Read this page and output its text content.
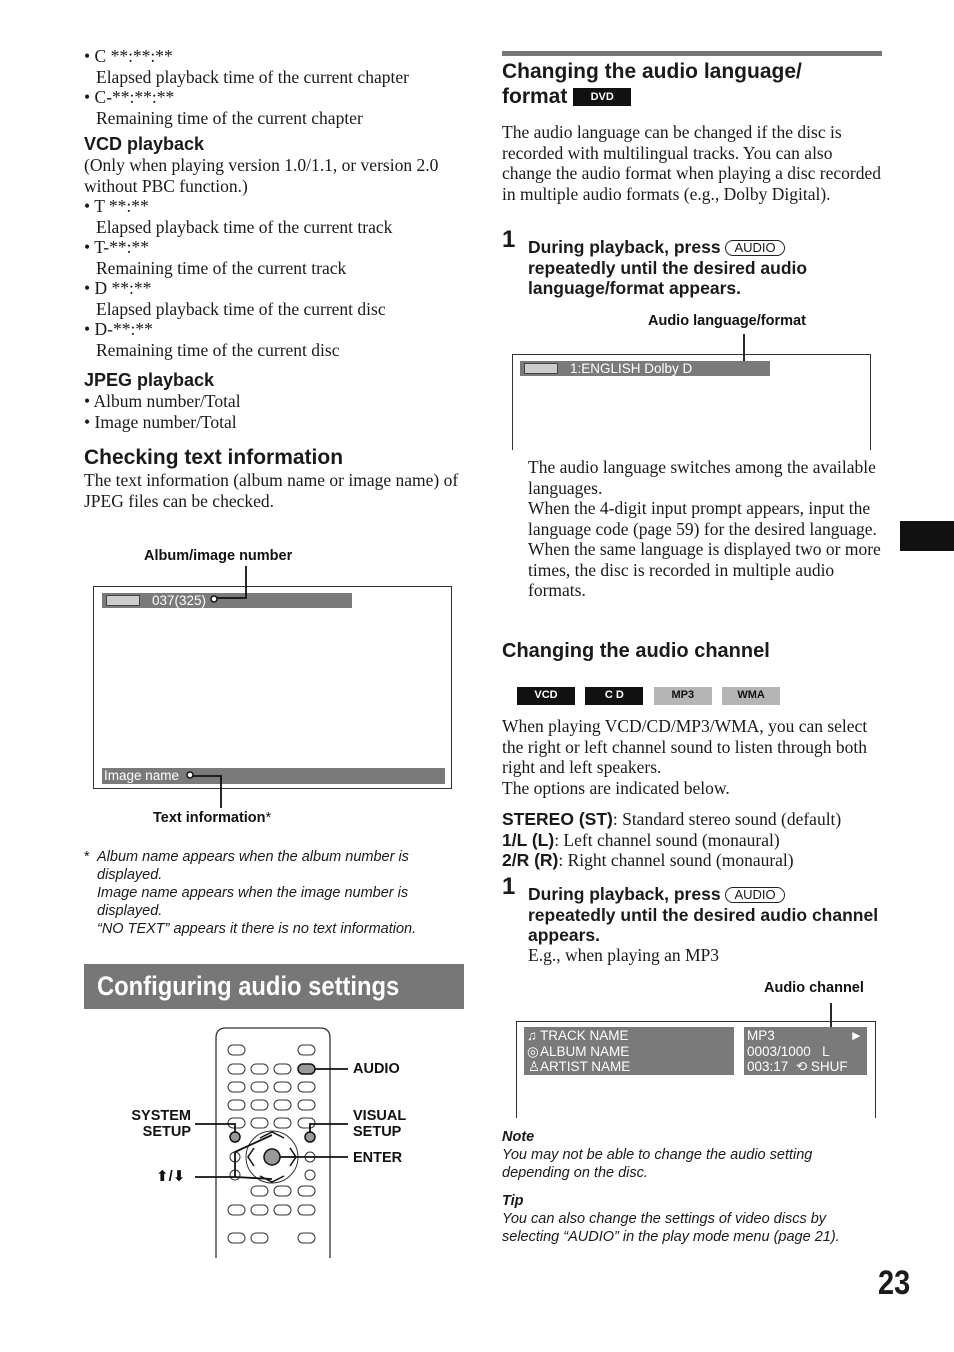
• C **:**:**
Elapsed playback time of the current chapter
• C-**:**:**
Remaining time of the current chapter
VCD playback
(Only when playing version 1.0/1.1, or version 2.0 without PBC function.)
• T **:**
Elapsed playback time of the current track
• T-**:**
Remaining time of the current track
• D **:**
Elapsed playback time of the current disc
• D-**:**
Remaining time of the current disc
JPEG playback
• Album number/Total
• Image number/Total
Checking text information
The text information (album name or image name) of JPEG files can be checked.
Album/image number
037(325)
Image name
Text information*
* Album name appears when the album number is displayed.
Image name appears when the image number is displayed.
“NO TEXT” appears it there is no text information.
Configuring audio settings
AUDIO
SYSTEM
SETUP
VISUAL
SETUP
ENTER
⬆/⬇
Changing the audio language/
format DVD
The audio language can be changed if the disc is recorded with multilingual tracks. You can also change the audio format when playing a disc recorded in multiple audio formats (e.g., Dolby Digital).
1 During playback, press AUDIO
repeatedly until the desired audio language/format appears.
Audio language/format
1:ENGLISH Dolby D
The audio language switches among the available languages.
When the 4-digit input prompt appears, input the language code (page 59) for the desired language.
When the same language is displayed two or more times, the disc is recorded in multiple audio formats.
Changing the audio channel
VCD	C D	MP3	WMA
When playing VCD/CD/MP3/WMA, you can select the right or left channel sound to listen through both right and left speakers.
The options are indicated below.
STEREO (ST): Standard stereo sound (default)
1/L (L): Left channel sound (monaural)
2/R (R): Right channel sound (monaural)
1 During playback, press AUDIO
repeatedly until the desired audio channel appears.
E.g., when playing an MP3
Audio channel
♫ TRACK NAME
◎ALBUM NAME
♙ARTIST NAME
MP3	►
0003/1000 L
003:17 ⟲ SHUF
Note
You may not be able to change the audio setting depending on the disc.
Tip
You can also change the settings of video discs by selecting “AUDIO” in the play mode menu (page 21).
23
